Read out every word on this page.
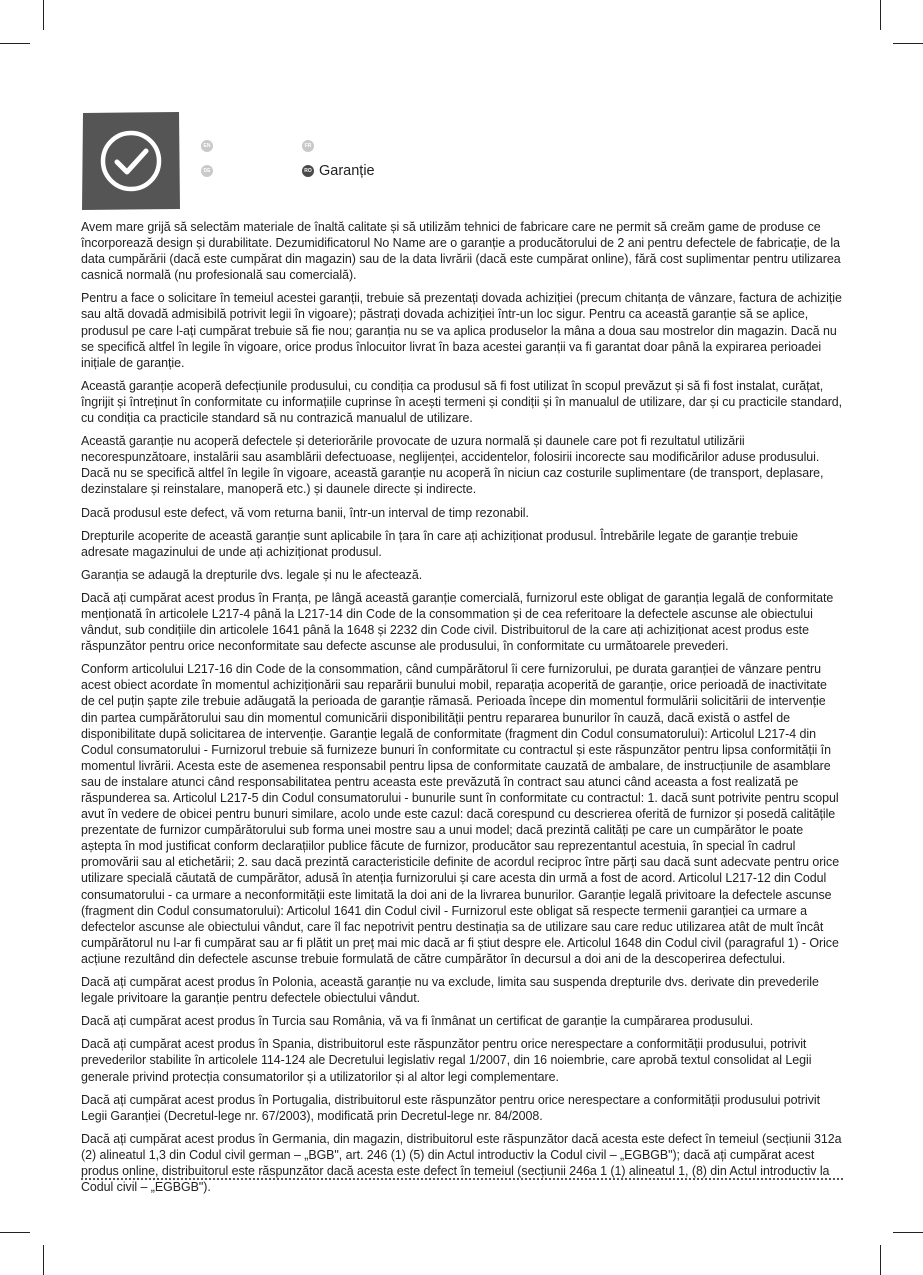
EN	FR
DE	RO Garanție

Avem mare grijă să selectăm materiale de înaltă calitate și să utilizăm tehnici de fabricare care ne permit să creăm game de produse ce încorporează design și durabilitate. Dezumidificatorul No Name are o garanție a producătorului de 2 ani pentru defectele de fabricație, de la data cumpărării (dacă este cumpărat din magazin) sau de la data livrării (dacă este cumpărat online), fără cost suplimentar pentru utilizarea casnică normală (nu profesională sau comercială).

Pentru a face o solicitare în temeiul acestei garanții, trebuie să prezentați dovada achiziției (precum chitanța de vânzare, factura de achiziție sau altă dovadă admisibilă potrivit legii în vigoare); păstrați dovada achiziției într-un loc sigur. Pentru ca această garanție să se aplice, produsul pe care l-ați cumpărat trebuie să fie nou; garanția nu se va aplica produselor la mâna a doua sau mostrelor din magazin. Dacă nu se specifică altfel în legile în vigoare, orice produs înlocuitor livrat în baza acestei garanții va fi garantat doar până la expirarea perioadei inițiale de garanție.

Această garanție acoperă defecțiunile produsului, cu condiția ca produsul să fi fost utilizat în scopul prevăzut și să fi fost instalat, curățat, îngrijit și întreținut în conformitate cu informațiile cuprinse în acești termeni și condiții și în manualul de utilizare, dar și cu practicile standard, cu condiția ca practicile standard să nu contrazică manualul de utilizare.

Această garanție nu acoperă defectele și deteriorările provocate de uzura normală și daunele care pot fi rezultatul utilizării necorespunzătoare, instalării sau asamblării defectuoase, neglijenței, accidentelor, folosirii incorecte sau modificărilor aduse produsului. Dacă nu se specifică altfel în legile în vigoare, această garanție nu acoperă în niciun caz costurile suplimentare (de transport, deplasare, dezinstalare și reinstalare, manoperă etc.) și daunele directe și indirecte.

Dacă produsul este defect, vă vom returna banii, într-un interval de timp rezonabil.

Drepturile acoperite de această garanție sunt aplicabile în țara în care ați achiziționat produsul. Întrebările legate de garanție trebuie adresate magazinului de unde ați achiziționat produsul.

Garanția se adaugă la drepturile dvs. legale și nu le afectează.

Dacă ați cumpărat acest produs în Franța, pe lângă această garanție comercială, furnizorul este obligat de garanția legală de conformitate menționată în articolele L217-4 până la L217-14 din Code de la consommation și de cea referitoare la defectele ascunse ale obiectului vândut, sub condițiile din articolele 1641 până la 1648 și 2232 din Code civil. Distribuitorul de la care ați achiziționat acest produs este răspunzător pentru orice neconformitate sau defecte ascunse ale produsului, în conformitate cu următoarele prevederi.

Conform articolului L217-16 din Code de la consommation, când cumpărătorul îi cere furnizorului, pe durata garanției de vânzare pentru acest obiect acordate în momentul achiziționării sau reparării bunului mobil, reparația acoperită de garanție, orice perioadă de inactivitate de cel puțin șapte zile trebuie adăugată la perioada de garanție rămasă. Perioada începe din momentul formulării solicitării de intervenție din partea cumpărătorului sau din momentul comunicării disponibilității pentru repararea bunurilor în cauză, dacă există o astfel de disponibilitate după solicitarea de intervenție. Garanție legală de conformitate (fragment din Codul consumatorului): Articolul L217-4 din Codul consumatorului - Furnizorul trebuie să furnizeze bunuri în conformitate cu contractul și este răspunzător pentru lipsa conformității în momentul livrării. Acesta este de asemenea responsabil pentru lipsa de conformitate cauzată de ambalare, de instrucțiunile de asamblare sau de instalare atunci când responsabilitatea pentru aceasta este prevăzută în contract sau atunci când aceasta a fost realizată pe răspunderea sa. Articolul L217-5 din Codul consumatorului - bunurile sunt în conformitate cu contractul: 1. dacă sunt potrivite pentru scopul avut în vedere de obicei pentru bunuri similare, acolo unde este cazul: dacă corespund cu descrierea oferită de furnizor și posedă calitățile prezentate de furnizor cumpărătorului sub forma unei mostre sau a unui model; dacă prezintă calități pe care un cumpărător le poate aștepta în mod justificat conform declarațiilor publice făcute de furnizor, producător sau reprezentantul acestuia, în special în cadrul promovării sau al etichetării; 2. sau dacă prezintă caracteristicile definite de acordul reciproc între părți sau dacă sunt adecvate pentru orice utilizare specială căutată de cumpărător, adusă în atenția furnizorului și care acesta din urmă a fost de acord. Articolul L217-12 din Codul consumatorului - ca urmare a neconformității este limitată la doi ani de la livrarea bunurilor. Garanție legală privitoare la defectele ascunse (fragment din Codul consumatorului): Articolul 1641 din Codul civil - Furnizorul este obligat să respecte termenii garanției ca urmare a defectelor ascunse ale obiectului vândut, care îl fac nepotrivit pentru destinația sa de utilizare sau care reduc utilizarea atât de mult încât cumpărătorul nu l-ar fi cumpărat sau ar fi plătit un preț mai mic dacă ar fi știut despre ele. Articolul 1648 din Codul civil (paragraful 1) - Orice acțiune rezultând din defectele ascunse trebuie formulată de către cumpărător în decursul a doi ani de la descoperirea defectului.

Dacă ați cumpărat acest produs în Polonia, această garanție nu va exclude, limita sau suspenda drepturile dvs. derivate din prevederile legale privitoare la garanție pentru defectele obiectului vândut.

Dacă ați cumpărat acest produs în Turcia sau România, vă va fi înmânat un certificat de garanție la cumpărarea produsului.

Dacă ați cumpărat acest produs în Spania, distribuitorul este răspunzător pentru orice nerespectare a conformității produsului, potrivit prevederilor stabilite în articolele 114-124 ale Decretului legislativ regal 1/2007, din 16 noiembrie, care aprobă textul consolidat al Legii generale privind protecția consumatorilor și a utilizatorilor și al altor legi complementare.

Dacă ați cumpărat acest produs în Portugalia, distribuitorul este răspunzător pentru orice nerespectare a conformității produsului potrivit Legii Garanției (Decretul-lege nr. 67/2003), modificată prin Decretul-lege nr. 84/2008.

Dacă ați cumpărat acest produs în Germania, din magazin, distribuitorul este răspunzător dacă acesta este defect în temeiul (secțiunii 312a (2) alineatul 1,3 din Codul civil german – „BGB", art. 246 (1) (5) din Actul introductiv la Codul civil – „EGBGB"); dacă ați cumpărat acest produs online, distribuitorul este răspunzător dacă acesta este defect în temeiul (secțiunii 246a 1 (1) alineatul 1, (8) din Actul introductiv la Codul civil – „EGBGB").
